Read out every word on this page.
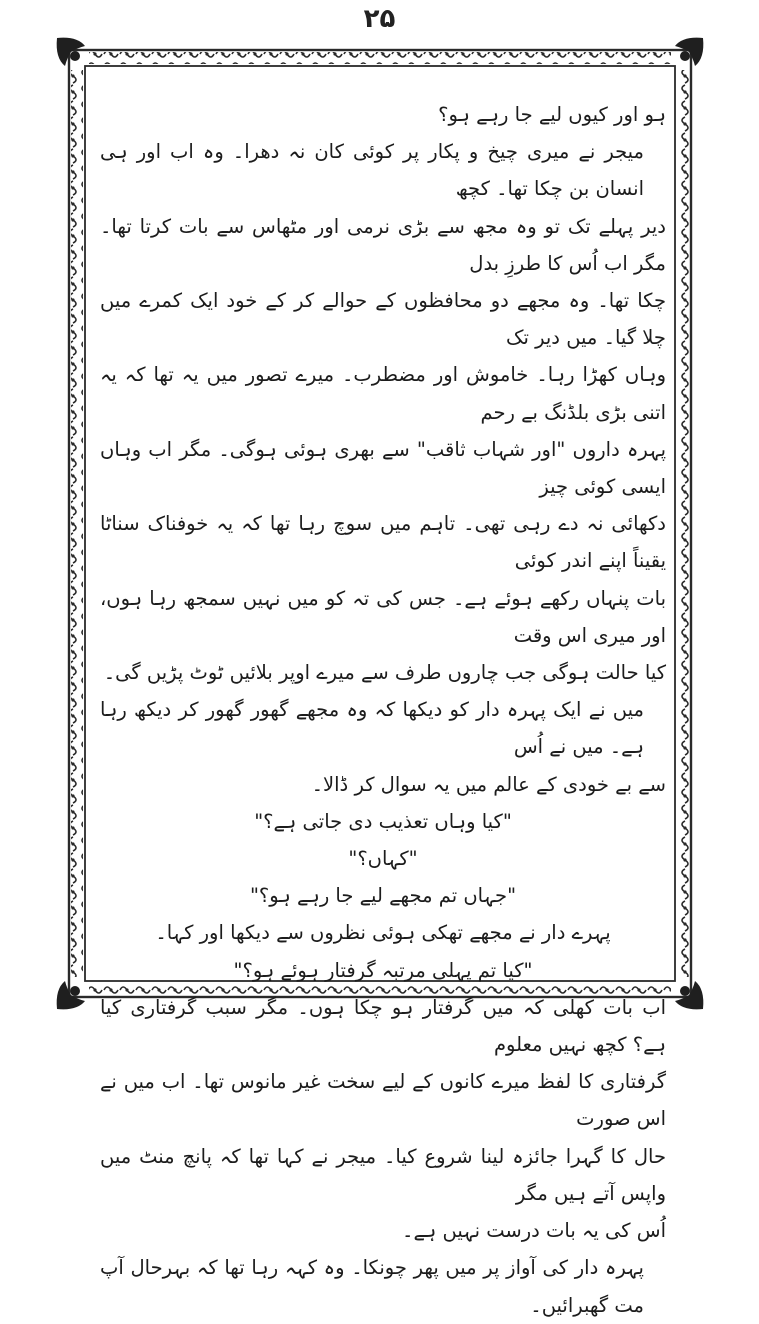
۲۵

ہو اور کیوں لیے جا رہے ہو؟

میجر نے میری چیخ و پکار پر کوئی کان نہ دھرا۔ وہ اب اور ہی انسان بن چکا تھا۔ کچھ

دیر پہلے تک تو وہ مجھ سے بڑی نرمی اور مٹھاس سے بات کرتا تھا۔ مگر اب اُس کا طرزِ بدل

چکا تھا۔ وہ مجھے دو محافظوں کے حوالے کر کے خود ایک کمرے میں چلا گیا۔ میں دیر تک

وہاں کھڑا رہا۔ خاموش اور مضطرب۔ میرے تصور میں یہ تھا کہ یہ اتنی بڑی بلڈنگ بے رحم

پہرہ داروں "اور شہاب ثاقب" سے بھری ہوئی ہوگی۔ مگر اب وہاں ایسی کوئی چیز

دکھائی نہ دے رہی تھی۔ تاہم میں سوچ رہا تھا کہ یہ خوفناک سناٹا یقیناً اپنے اندر کوئی

بات پنہاں رکھے ہوئے ہے۔ جس کی تہ کو میں نہیں سمجھ رہا ہوں، اور میری اس وقت

کیا حالت ہوگی جب چاروں طرف سے میرے اوپر بلائیں ٹوٹ پڑیں گی۔

میں نے ایک پہرہ دار کو دیکھا کہ وہ مجھے گھور گھور کر دیکھ رہا ہے۔ میں نے اُس

سے بے خودی کے عالم میں یہ سوال کر ڈالا۔

"کیا وہاں تعذیب دی جاتی ہے؟"

"کہاں؟"

"جہاں تم مجھے لیے جا رہے ہو؟"

پہرے دار نے مجھے تھکی ہوئی نظروں سے دیکھا اور کہا۔

"کیا تم پہلی مرتبہ گرفتار ہوئے ہو؟"

اب بات کھلی کہ میں گرفتار ہو چکا ہوں۔ مگر سبب گرفتاری کیا ہے؟ کچھ نہیں معلوم

گرفتاری کا لفظ میرے کانوں کے لیے سخت غیر مانوس تھا۔ اب میں نے اس صورت

حال کا گہرا جائزہ لینا شروع کیا۔ میجر نے کہا تھا کہ پانچ منٹ میں واپس آتے ہیں مگر

اُس کی یہ بات درست نہیں ہے۔

پہرہ دار کی آواز پر میں پھر چونکا۔ وہ کہہ رہا تھا کہ بہرحال آپ مت گھبرائیں۔
